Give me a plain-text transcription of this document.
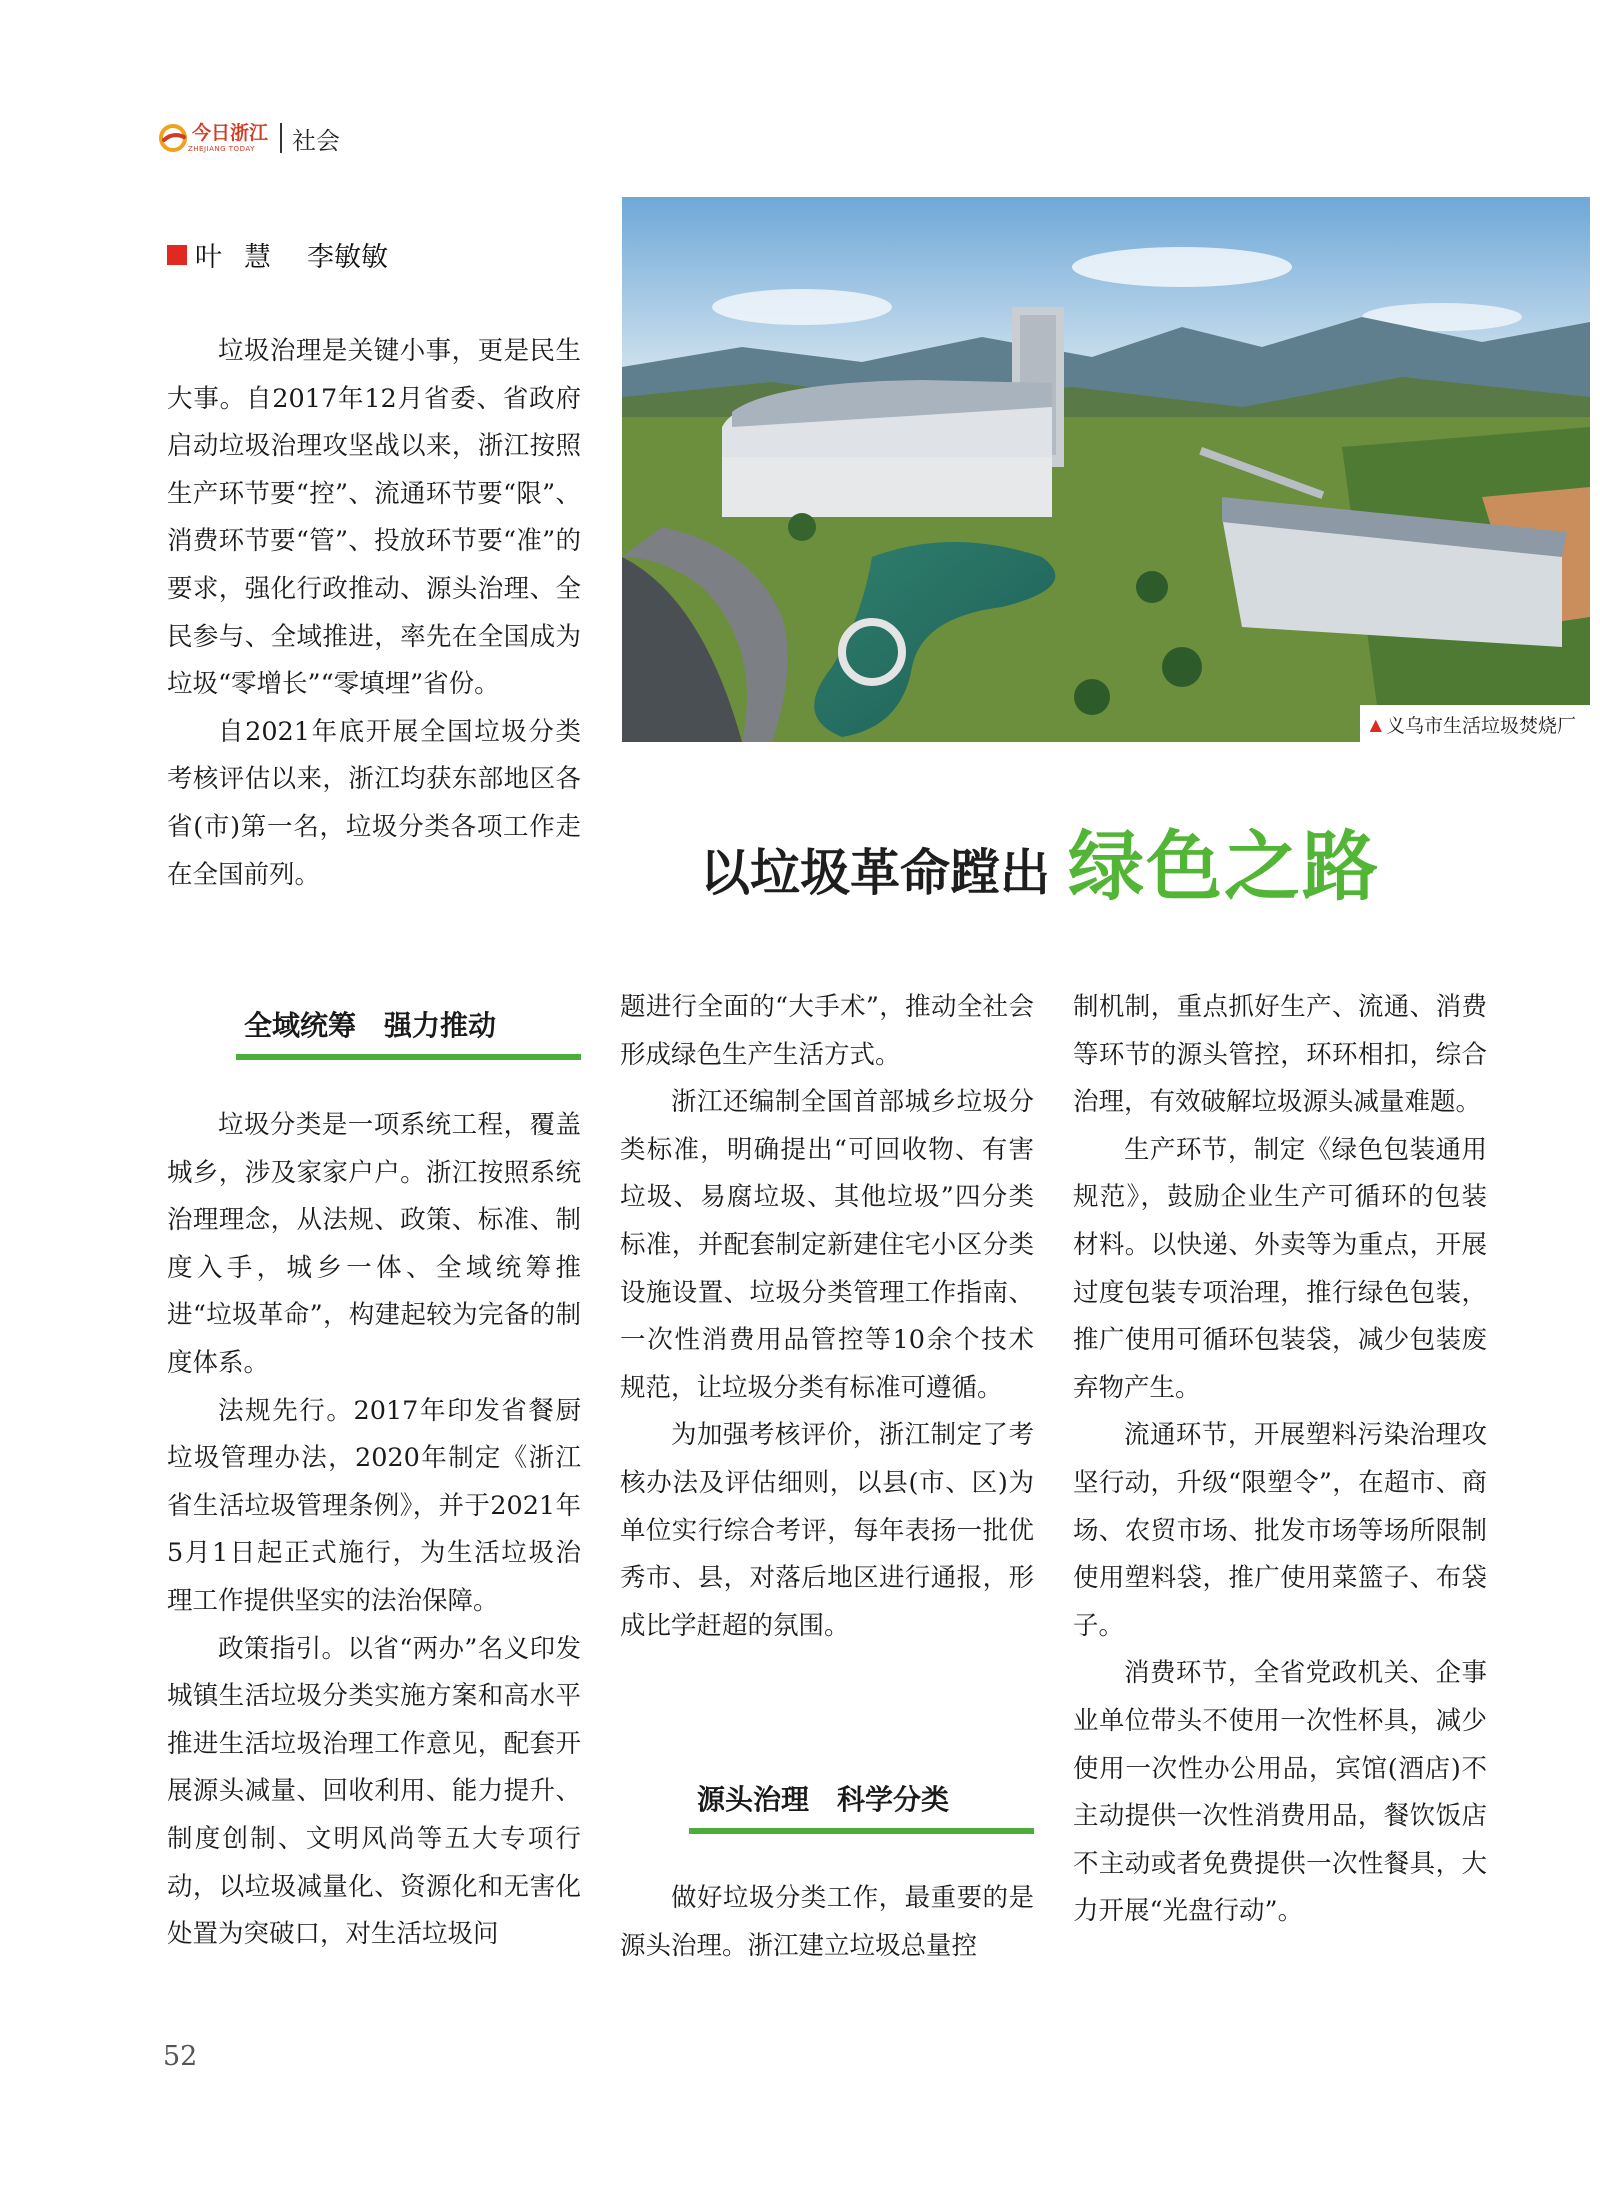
今日浙江
ZHEJIANG TODAY	社会
叶慧 李敏敏
▲ 义乌市生活垃圾焚烧厂
以垃圾革命蹚出 绿色之路

垃圾治理是关键小事，更是民生大事。自2017年12月省委、省政府启动垃圾治理攻坚战以来，浙江按照生产环节要“控”、流通环节要“限”、消费环节要“管”、投放环节要“准”的要求，强化行政推动、源头治理、全民参与、全域推进，率先在全国成为垃圾“零增长”“零填埋”省份。

自2021年底开展全国垃圾分类考核评估以来，浙江均获东部地区各省(市)第一名，垃圾分类各项工作走在全国前列。

全域统筹　强力推动

垃圾分类是一项系统工程，覆盖城乡，涉及家家户户。浙江按照系统治理理念，从法规、政策、标准、制度入手，城乡一体、全域统筹推进“垃圾革命”，构建起较为完备的制度体系。

法规先行。2017年印发省餐厨垃圾管理办法，2020年制定《浙江省生活垃圾管理条例》，并于2021年5月1日起正式施行，为生活垃圾治理工作提供坚实的法治保障。

政策指引。以省“两办”名义印发城镇生活垃圾分类实施方案和高水平推进生活垃圾治理工作意见，配套开展源头减量、回收利用、能力提升、制度创制、文明风尚等五大专项行动，以垃圾减量化、资源化和无害化处置为突破口，对生活垃圾问

题进行全面的“大手术”，推动全社会形成绿色生产生活方式。

浙江还编制全国首部城乡垃圾分类标准，明确提出“可回收物、有害垃圾、易腐垃圾、其他垃圾”四分类标准，并配套制定新建住宅小区分类设施设置、垃圾分类管理工作指南、一次性消费用品管控等10余个技术规范，让垃圾分类有标准可遵循。

为加强考核评价，浙江制定了考核办法及评估细则，以县(市、区)为单位实行综合考评，每年表扬一批优秀市、县，对落后地区进行通报，形成比学赶超的氛围。

源头治理　科学分类

做好垃圾分类工作，最重要的是源头治理。浙江建立垃圾总量控

制机制，重点抓好生产、流通、消费等环节的源头管控，环环相扣，综合治理，有效破解垃圾源头减量难题。

生产环节，制定《绿色包装通用规范》，鼓励企业生产可循环的包装材料。以快递、外卖等为重点，开展过度包装专项治理，推行绿色包装，推广使用可循环包装袋，减少包装废弃物产生。

流通环节，开展塑料污染治理攻坚行动，升级“限塑令”，在超市、商场、农贸市场、批发市场等场所限制使用塑料袋，推广使用菜篮子、布袋子。

消费环节，全省党政机关、企事业单位带头不使用一次性杯具，减少使用一次性办公用品，宾馆(酒店)不主动提供一次性消费用品，餐饮饭店不主动或者免费提供一次性餐具，大力开展“光盘行动”。

52
